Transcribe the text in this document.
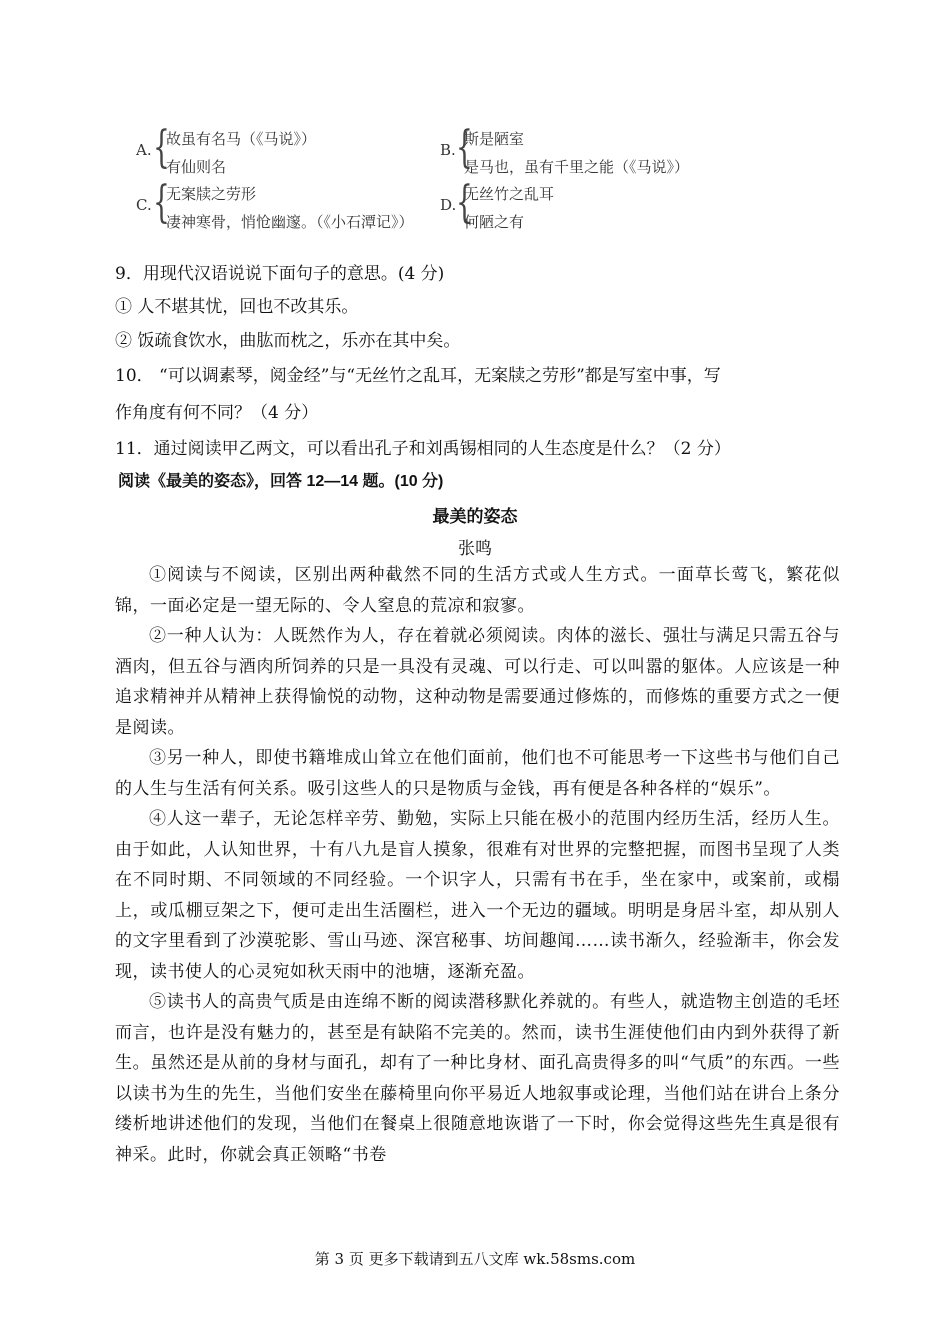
A. {
故虽有名马（《马说》）
有仙则名
B. {
斯是陋室
是马也，虽有千里之能（《马说》）
C. {
无案牍之劳形
凄神寒骨，悄怆幽邃。（《小石潭记》）
D. {
无丝竹之乱耳
何陋之有
9．用现代汉语说说下面句子的意思。(4 分)
① 人不堪其忧，回也不改其乐。
② 饭疏食饮水，曲肱而枕之，乐亦在其中矣。
10． “可以调素琴，阅金经”与“无丝竹之乱耳，无案牍之劳形”都是写室中事，写
作角度有何不同？（4 分）
11．通过阅读甲乙两文，可以看出孔子和刘禹锡相同的人生态度是什么？（2 分）
阅读《最美的姿态》，回答 12—14 题。(10 分)
最美的姿态
张鸣

①阅读与不阅读，区别出两种截然不同的生活方式或人生方式。一面草长莺飞，繁花似锦，一面必定是一望无际的、令人窒息的荒凉和寂寥。

②一种人认为：人既然作为人，存在着就必须阅读。肉体的滋长、强壮与满足只需五谷与酒肉，但五谷与酒肉所饲养的只是一具没有灵魂、可以行走、可以叫嚣的躯体。人应该是一种追求精神并从精神上获得愉悦的动物，这种动物是需要通过修炼的，而修炼的重要方式之一便是阅读。

③另一种人，即使书籍堆成山耸立在他们面前，他们也不可能思考一下这些书与他们自己的人生与生活有何关系。吸引这些人的只是物质与金钱，再有便是各种各样的“娱乐”。

④人这一辈子，无论怎样辛劳、勤勉，实际上只能在极小的范围内经历生活，经历人生。由于如此，人认知世界，十有八九是盲人摸象，很难有对世界的完整把握，而图书呈现了人类在不同时期、不同领域的不同经验。一个识字人，只需有书在手，坐在家中，或案前，或榻上，或瓜棚豆架之下，便可走出生活圈栏，进入一个无边的疆域。明明是身居斗室，却从别人的文字里看到了沙漠驼影、雪山马迹、深宫秘事、坊间趣闻……读书渐久，经验渐丰，你会发现，读书使人的心灵宛如秋天雨中的池塘，逐渐充盈。

⑤读书人的高贵气质是由连绵不断的阅读潜移默化养就的。有些人，就造物主创造的毛坯而言，也许是没有魅力的，甚至是有缺陷不完美的。然而，读书生涯使他们由内到外获得了新生。虽然还是从前的身材与面孔，却有了一种比身材、面孔高贵得多的叫“气质”的东西。一些以读书为生的先生，当他们安坐在藤椅里向你平易近人地叙事或论理，当他们站在讲台上条分缕析地讲述他们的发现，当他们在餐桌上很随意地诙谐了一下时，你会觉得这些先生真是很有神采。此时，你就会真正领略“书卷

第 3 页 更多下载请到五八文库 wk.58sms.com
